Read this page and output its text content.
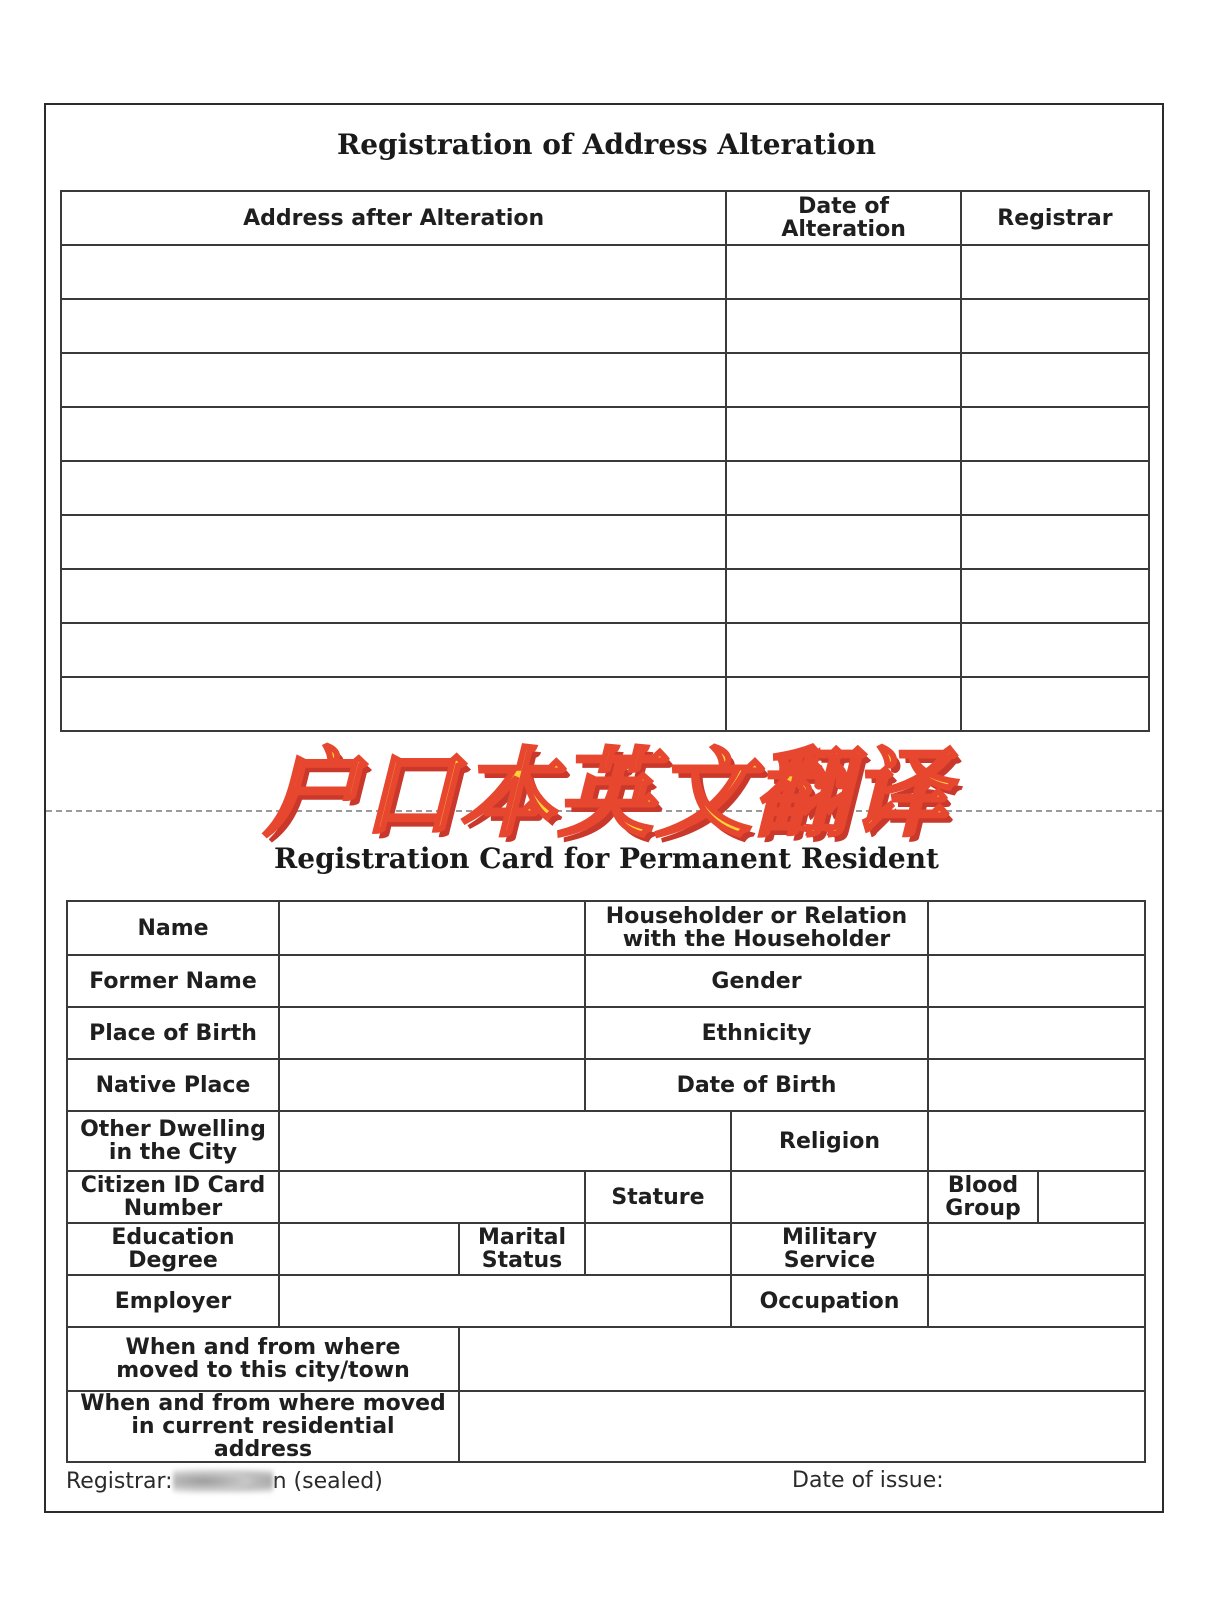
Registration of Address Alteration
Address after Alteration	Date of Alteration	Registrar

户口本英文翻译
Registration Card for Permanent Resident
Name			Householder or Relation with the Householder			
Former Name			Gender			
Place of Birth			Ethnicity			
Native Place			Date of Birth			
Other Dwelling in the City				Religion		
Citizen ID Card Number			Stature		Blood Group	
Education Degree		Marital Status		Military Service		
Employer				Occupation		
When and from where moved to this city/town						
When and from where moved in current residential address						
Registrar:	n (sealed)	Date of issue:
